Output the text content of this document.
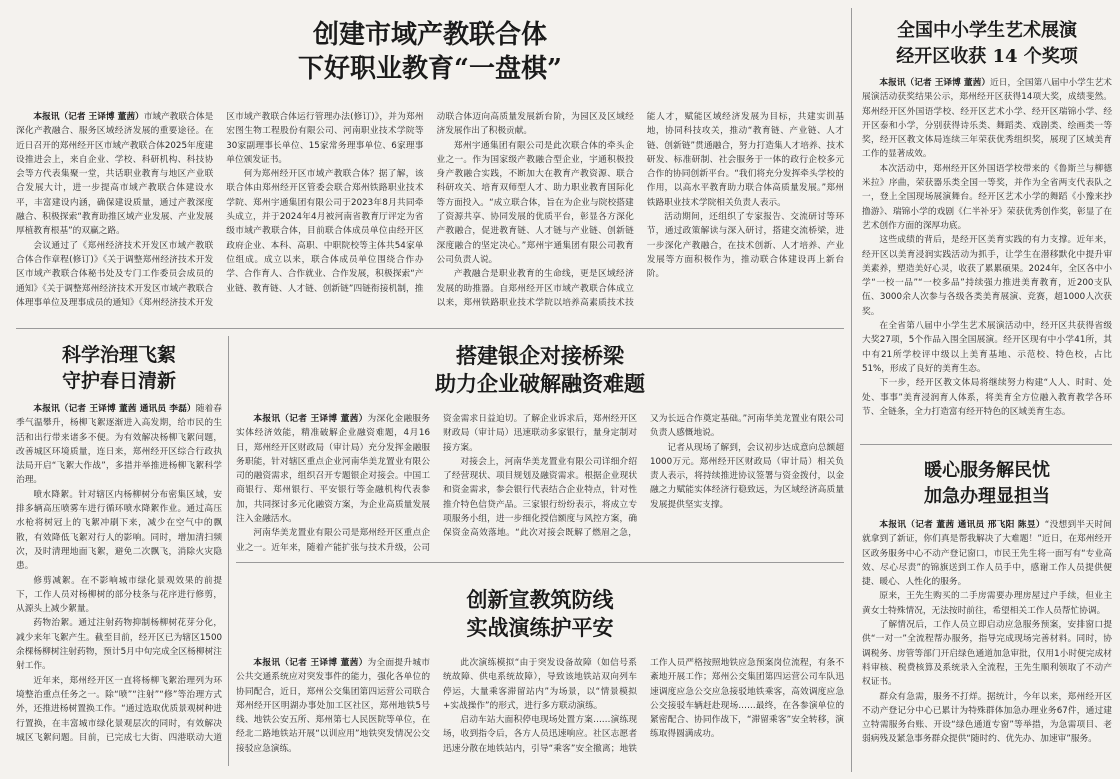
创建市域产教联合体
下好职业教育“一盘棋”

本报讯（记者 王译博 董茜）市域产教联合体是深化产教融合、服务区域经济发展的重要途径。在近日召开的郑州经开区市域产教联合体2025年度建设推进会上，来自企业、学校、科研机构、科技协会等方代表集聚一堂，共话职业教育与地区产业联合发展大计，进一步提高市域产教联合体建设水平，丰富建设内涵，确保建设质量，通过产教深度融合、积极探索“教育助推区域产业发展、产业发展厚植教育根基”的双赢之路。

会议通过了《郑州经济技术开发区市域产教联合体合作章程(修订)》《关于调整郑州经济技术开发区市域产教联合体秘书处及专门工作委员会成员的通知》《关于调整郑州经济技术开发区市域产教联合体理事单位及理事成员的通知》《郑州经济技术开发区市域产教联合体运行管理办法(修订)》，并为郑州宏图生物工程股份有限公司、河南职业技术学院等30家副理事长单位、15家常务理事单位、6家理事单位颁发证书。

何为郑州经开区市域产教联合体？据了解，该联合体由郑州经开区管委会联合郑州铁路职业技术学院、郑州宇通集团有限公司于2023年8月共同牵头成立，并于2024年4月被河南省教育厅评定为省级市域产教联合体，目前联合体成员单位由经开区政府企业、本科、高职、中职院校等主体共54家单位组成。成立以来，联合体成员单位围绕合作办学、合作育人、合作就业、合作发展，积极探索“产业链、教育链、人才链、创新链”四链衔接机制，推动联合体迈向高质量发展新台阶，为园区及区域经济发展作出了积极贡献。

郑州宇通集团有限公司是此次联合体的牵头企业之一。作为国家级产教融合型企业，宇通积极投身产教融合实践，不断加大在教育产教资源、联合科研攻关、培育双师型人才、助力职业教育国际化等方面投入。“成立联合体，旨在为企业与院校搭建了资源共享、协同发展的优质平台，彰显各方深化产教融合，促进教育链、人才链与产业链、创新链深度融合的坚定决心。”郑州宇通集团有限公司教育公司负责人说。

产教融合是职业教育的生命线，更是区域经济发展的助推器。自郑州经开区市域产教联合体成立以来，郑州铁路职业技术学院以培养高素质技术技能人才，赋能区域经济发展为目标，共建实训基地，协同科技攻关，推动“教育链、产业链、人才链、创新链”贯通融合，努力打造集人才培养、技术研发、标准研制、社会服务于一体的政行企校多元合作的协同创新平台。“我们将充分发挥牵头学校的作用，以高水平教育助力联合体高质量发展。”郑州铁路职业技术学院相关负责人表示。

活动期间，还组织了专家报告、交流研讨等环节，通过政策解读与深入研讨，搭建交流桥梁，进一步深化产教融合，在技术创新、人才培养、产业发展等方面积极作为，推动联合体建设再上新台阶。

全国中小学生艺术展演
经开区收获 14 个奖项

本报讯（记者 王译博 董茜）近日，全国第八届中小学生艺术展演活动获奖结果公示，郑州经开区获得14项大奖，成绩斐然。郑州经开区外国语学校、经开区艺术小学、经开区瑞锦小学、经开区泰和小学，分别获得诗乐类、舞蹈类、戏剧类、绘画类一等奖，经开区教文体局连续三年荣获优秀组织奖，展现了区域美育工作的显著成效。

本次活动中，郑州经开区外国语学校带来的《鲁斯兰与柳德米拉》序曲，荣获器乐类全国一等奖，并作为全省两支代表队之一，登上全国现场展演舞台。经开区艺术小学的舞蹈《小豫来抄撸游》、瑞锦小学的戏剧《仁半补牙》荣获优秀创作奖，彰显了在艺术创作方面的深厚功底。

这些成绩的背后，是经开区美育实践的有力支撑。近年来，经开区以美育浸润实践活动为抓手，让学生在潜移默化中提升审美素养，塑造美好心灵，收获了累累硕果。2024年，全区各中小学“一校一品”“一校多品”持续强力推进美育教育，近200支队伍、3000余人次参与各级各类美育展演、竞赛，超1000人次获奖。

在全省第八届中小学生艺术展演活动中，经开区共获得省级大奖27项，5个作品入围全国展演。经开区现有中小学41所，其中有21所学校评中级以上美育基地、示范校、特色校，占比51%，形成了良好的美育生态。

下一步，经开区教文体局将继续努力构建“人人、时时、处处、事事”美育浸润育人体系，将美育全方位融入教育教学各环节、全链条，全力打造富有经开特色的区域美育生态。

科学治理飞絮
守护春日清新

本报讯（记者 王译博 董茜 通讯员 李磊）随着春季气温攀升，杨柳飞絮逐渐进入高发期，给市民的生活和出行带来诸多不便。为有效解决杨柳飞絮问题，改善城区环境质量，连日来，郑州经开区综合行政执法局开启“飞絮大作战”，多措并举推进杨柳飞絮科学治理。

喷水降絮。针对辖区内杨柳树分布密集区域，安排多辆高压喷雾车进行循环喷水降絮作业。通过高压水枪将树冠上的飞絮冲刷下来，减少在空气中的飘散，有效降低飞絮对行人的影响。同时，增加清扫频次，及时清理地面飞絮，避免二次飘飞，消除火灾隐患。

修剪减絮。在不影响城市绿化景观效果的前提下，工作人员对杨柳树的部分枝条与花序进行修剪，从源头上减少絮量。

药物治絮。通过注射药物抑制杨柳树花芽分化，减少来年飞絮产生。截至目前，经开区已为辖区1500余棵杨柳树注射药物，预计5月中旬完成全区杨柳树注射工作。

近年来，郑州经开区一直将杨柳飞絮治理列为环境整治重点任务之一。除“喷”“注射”“修”等治理方式外，还推进杨树置换工作。“通过选取优质景观树种进行置换，在丰富城市绿化景观层次的同时，有效解决城区飞絮问题。目前，已完成七大街、四港联动大道

搭建银企对接桥梁
助力企业破解融资难题

本报讯（记者 王译博 董茜）为深化金融服务实体经济效能，精准破解企业融资难题，4月16日，郑州经开区财政局（审计局）充分发挥金融服务职能，针对辖区重点企业河南华美龙置业有限公司的融资需求，组织召开专题银企对接会。中国工商银行、郑州银行、平安银行等金融机构代表参加，共同探讨多元化融资方案，为企业高质量发展注入金融活水。

河南华美龙置业有限公司是郑州经开区重点企业之一。近年来，随着产能扩张与技术升级，公司资金需求日益迫切。了解企业诉求后，郑州经开区财政局（审计局）迅速联动多家银行，量身定制对接方案。

对接会上，河南华美龙置业有限公司详细介绍了经营现状、项目规划及融资需求。根据企业现状和资金需求，参会银行代表结合企业特点，针对性推介特色信贷产品。三家银行纷纷表示，将成立专项服务小组，进一步细化授信额度与风控方案，确保资金高效落地。“此次对接会既解了燃眉之急，又为长远合作奠定基础。”河南华美龙置业有限公司负责人感慨地说。

记者从现场了解到，会议初步达成意向总额超1000万元。郑州经开区财政局（审计局）相关负责人表示，将持续推进协议签署与资金拨付，以金融之力赋能实体经济行稳致远，为区域经济高质量发展提供坚实支撑。

创新宣教筑防线
实战演练护平安

本报讯（记者 王译博 董茜）为全面提升城市公共交通系统应对突发事件的能力，强化各单位的协同配合，近日，郑州公交集团第四运营公司联合郑州经开区明湖办事处加工区社区，郑州地铁5号线、地铁公安五所、郑州第七人民医院等单位，在经北二路地铁站开展“以训应用”地铁突发情况公交接驳应急演练。

此次演练模拟“由于突发设备故障（如信号系统故障、供电系统故障），导致该地铁站双向列车停运，大量乘客滞留站内”为场景，以“情景模拟+实战操作”的形式，进行多方联动演练。

启动车站大面积停电现场处置方案……演练现场，收到指令后，各方人员迅速响应。社区志愿者迅速分散在地铁站内，引导“乘客”安全撤离；地铁工作人员严格按照地铁应急预案岗位流程，有条不紊地开展工作；郑州公交集团第四运营公司车队迅速调度应急公交应急接驳地铁乘客，高效调度应急公交接驳车辆赶赴现场……最终，在各参演单位的紧密配合、协同作战下，“滞留乘客”安全转移，演练取得圆满成功。

暖心服务解民忧
加急办理显担当

本报讯（记者 董茜 通讯员 邢飞阳 陈昱）“没想到半天时间就拿到了新证，你们真是帮我解决了大难题！”近日，在郑州经开区政务服务中心不动产登记窗口，市民王先生将一面写有“专业高效、尽心尽责”的锦旗送到工作人员手中，感谢工作人员提供便捷、暖心、人性化的服务。

原来，王先生购买的二手房需要办理房屋过户手续，但业主黄女士特殊情况，无法按时前往，希望相关工作人员帮忙协调。

了解情况后，工作人员立即启动应急服务预案，安排窗口提供“一对一”全流程帮办服务，指导完成现场完善材料。同时，协调税务、房管等部门开启绿色通道加急审批，仅用1小时便完成材料审核、税费核算及系统录入全流程，王先生顺利领取了不动产权证书。

群众有急需，服务不打烊。据统计，今年以来，郑州经开区不动产登记分中心已累计为特殊群体加急办理业务67件，通过建立特需服务台账、开设“绿色通道专窗”等举措，为急需项目、老弱病残及紧急事务群众提供“随时约、优先办、加速审”服务。
